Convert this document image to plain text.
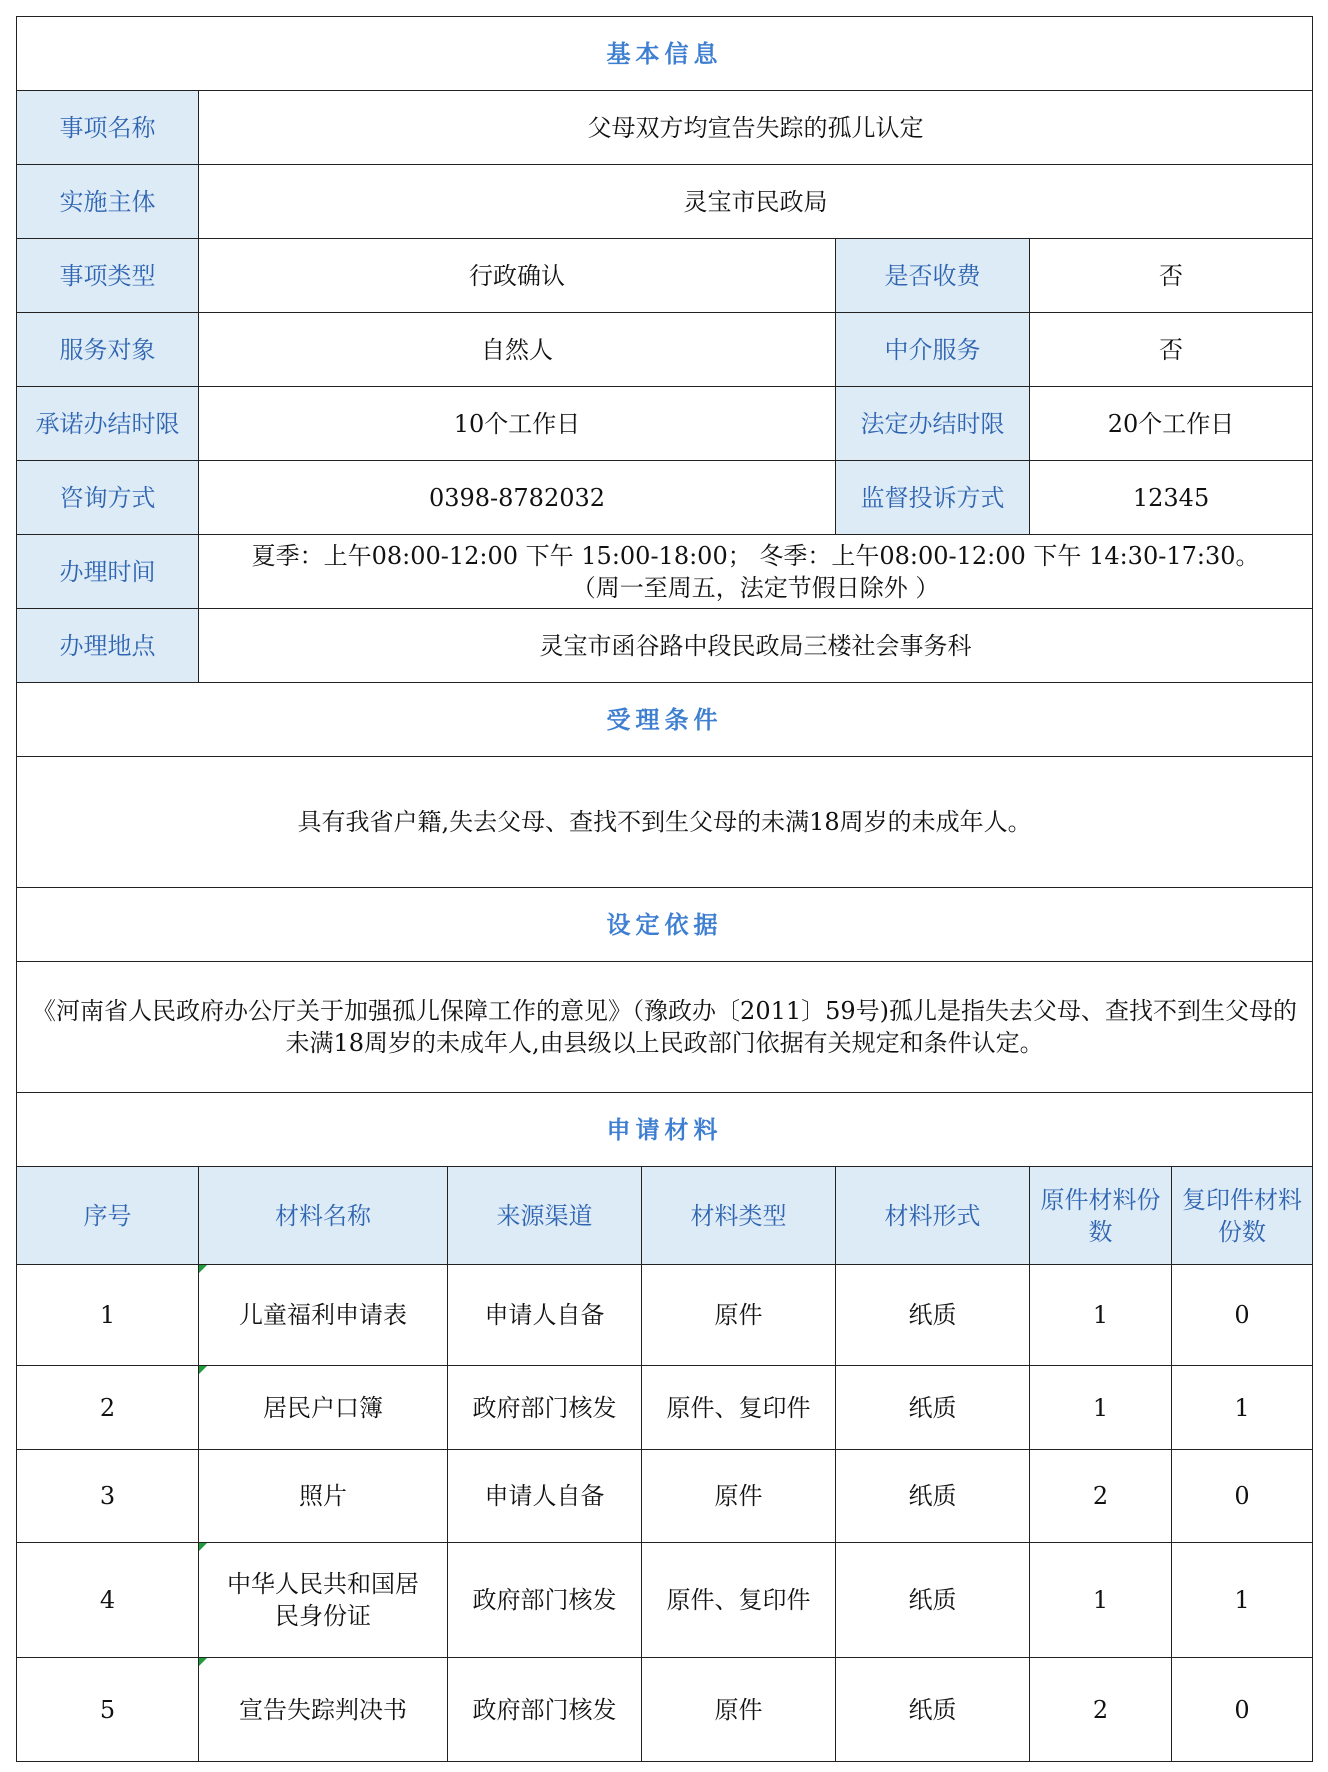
基本信息						
事项名称	父母双方均宣告失踪的孤儿认定					
实施主体	灵宝市民政局					
事项类型	行政确认			是否收费	否	
服务对象	自然人			中介服务	否	
承诺办结时限	10个工作日			法定办结时限	20个工作日	
咨询方式	0398-8782032			监督投诉方式	12345	
办理时间	夏季：上午08:00-12:00 下午 15:00-18:00； 冬季：上午08:00-12:00 下午 14:30-17:30。
（周一至周五，法定节假日除外 ）					

办理地点	灵宝市函谷路中段民政局三楼社会事务科					
受理条件						
具有我省户籍,失去父母、查找不到生父母的未满18周岁的未成年人。						
设定依据						
《河南省人民政府办公厅关于加强孤儿保障工作的意见》（豫政办〔2011〕59号)孤儿是指失去父母、查找不到生父母的未满18周岁的未成年人,由县级以上民政部门依据有关规定和条件认定。						
申请材料						
序号	材料名称	来源渠道	材料类型	材料形式	原件材料份数	复印件材料份数
1	儿童福利申请表	申请人自备	原件	纸质	1	0
2	居民户口簿	政府部门核发	原件、复印件	纸质	1	1
3	照片	申请人自备	原件	纸质	2	0
4	中华人民共和国居民身份证	政府部门核发	原件、复印件	纸质	1	1
5	宣告失踪判决书	政府部门核发	原件	纸质	2	0
